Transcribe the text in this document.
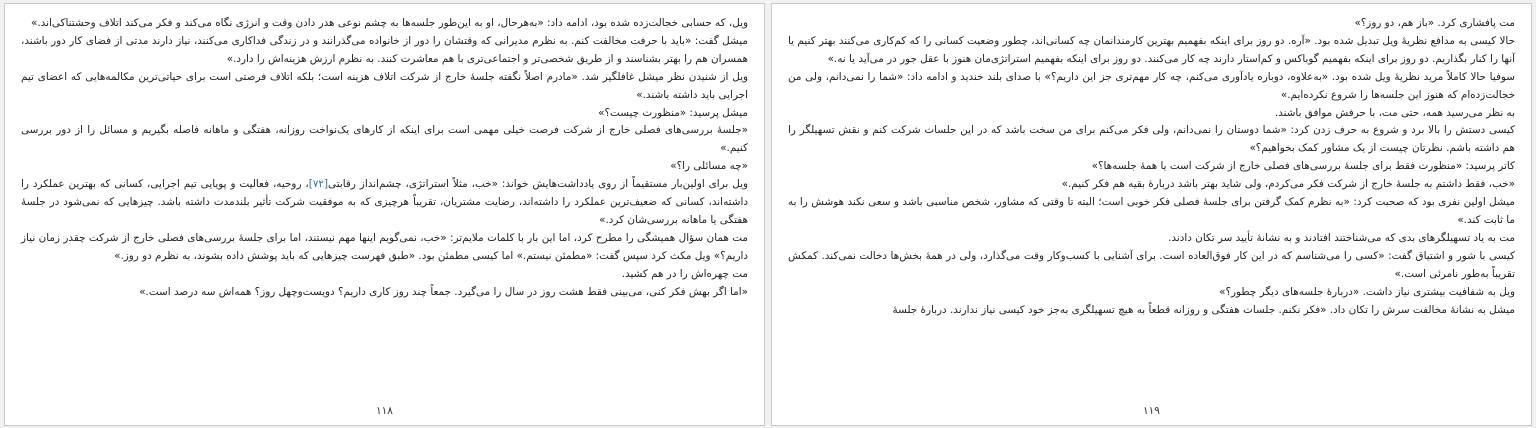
ویل، که حسابی خجالت‌زده شده بود، ادامه داد: «به‌هرحال، او به این‌طور جلسه‌ها به چشم نوعی هدر دادن وقت و انرژی نگاه می‌کند و فکر می‌کند اتلاف وحشتناکی‌اند.»

میشل گفت: «باید با حرفت مخالفت کنم. به نظرم مدیرانی که وقتشان را دور از خانواده می‌گذرانند و در زندگی فداکاری می‌کنند، نیاز دارند مدتی از فضای کار دور باشند، همسران هم را بهتر بشناسند و از طریق شخصی‌تر و اجتماعی‌تری با هم معاشرت کنند. به نظرم ارزش هزینه‌اش را دارد.»

ویل از شنیدن نظر میشل غافلگیر شد. «مادرم اصلاً نگفته جلسهٔ خارج از شرکت اتلاف هزینه است؛ بلکه اتلاف فرصتی است برای حیاتی‌ترین مکالمه‌هایی که اعضای تیم اجرایی باید داشته باشند.»

میشل پرسید: «منظورت چیست؟»

«جلسهٔ بررسی‌های فصلی خارج از شرکت فرصت خیلی مهمی است برای اینکه از کارهای یک‌نواخت روزانه، هفتگی و ماهانه فاصله بگیریم و مسائل را از دور بررسی کنیم.»

«چه مسائلی را؟»

ویل برای اولین‌بار مستقیماً از روی یادداشت‌هایش خواند: «خب، مثلاً استراتژی، چشم‌انداز رقابتی[۷۲]، روحیه، فعالیت و پویایی تیم اجرایی، کسانی که بهترین عملکرد را داشته‌اند، کسانی که ضعیف‌ترین عملکرد را داشته‌اند، رضایت مشتریان، تقریباً هرچیزی که به موفقیت شرکت تأثیر بلندمدت داشته باشد. چیزهایی که نمی‌شود در جلسهٔ هفتگی یا ماهانه بررسی‌شان کرد.»

مت همان سؤال همیشگی را مطرح کرد، اما این بار با کلمات ملایم‌تر: «خب، نمی‌گویم اینها مهم نیستند، اما برای جلسهٔ بررسی‌های فصلی خارج از شرکت چقدر زمان نیاز داریم؟» ویل مکث کرد سپس گفت: «مطمئن نیستم.» اما کیسی مطمئن بود. «طبق فهرست چیزهایی که باید پوشش داده بشوند، به نظرم دو روز.»

مت چهره‌اش را در هم کشید.

«اما اگر بهش فکر کنی، می‌بینی فقط هشت روز در سال را می‌گیرد. جمعاً چند روز کاری داریم؟ دویست‌وچهل روز؟ همه‌اش سه درصد است.»

۱۱۸

مت پافشاری کرد. «باز هم، دو روز؟»

حالا کیسی به مدافع نظریهٔ ویل تبدیل شده بود. «آره. دو روز برای اینکه بفهمیم بهترین کارمندانمان چه کسانی‌اند، چطور وضعیت کسانی را که کم‌کاری می‌کنند بهتر کنیم یا آنها را کنار بگذاریم. دو روز برای اینکه بفهمیم گوباکس و کم‌استار دارند چه کار می‌کنند. دو روز برای اینکه بفهمیم استراتژی‌مان هنوز با عقل جور در می‌آید یا نه.»

سوفیا حالا کاملاً مرید نظریهٔ ویل شده بود. «به‌علاوه، دوباره یادآوری می‌کنم، چه کار مهم‌تری جز این داریم؟» با صدای بلند خندید و ادامه داد: «شما را نمی‌دانم، ولی من خجالت‌زده‌ام که هنوز این جلسه‌ها را شروع نکرده‌ایم.»

به نظر می‌رسید همه، حتی مت، با حرفش موافق باشند.

کیسی دستش را بالا برد و شروع به حرف زدن کرد: «شما دوستان را نمی‌دانم، ولی فکر می‌کنم برای من سخت باشد که در این جلسات شرکت کنم و نقش تسهیلگر را هم داشته باشم. نظرتان چیست از یک مشاور کمک بخواهیم؟»

کاتر پرسید: «منظورت فقط برای جلسهٔ بررسی‌های فصلی خارج از شرکت است یا همهٔ جلسه‌ها؟»

«خب، فقط داشتم به جلسهٔ خارج از شرکت فکر می‌کردم، ولی شاید بهتر باشد دربارهٔ بقیه هم فکر کنیم.»

میشل اولین نفری بود که صحبت کرد: «به نظرم کمک گرفتن برای جلسهٔ فصلی فکر خوبی است؛ البته تا وقتی که مشاور، شخص مناسبی باشد و سعی نکند هوشش را به ما ثابت کند.»

مت به یاد تسهیلگرهای بدی که می‌شناختند افتادند و به نشانهٔ تأیید سر تکان دادند.

کیسی با شور و اشتیاق گفت: «کسی را می‌شناسم که در این کار فوق‌العاده است. برای آشنایی با کسب‌وکار وقت می‌گذارد، ولی در همهٔ بخش‌ها دخالت نمی‌کند. کمکش تقریباً به‌طور نامرئی است.»

ویل به شفافیت بیشتری نیاز داشت. «دربارهٔ جلسه‌های دیگر چطور؟»

میشل به نشانهٔ مخالفت سرش را تکان داد. «فکر نکنم. جلسات هفتگی و روزانه قطعاً به هیچ تسهیلگری به‌جز خود کیسی نیاز ندارند. دربارهٔ جلسهٔ

۱۱۹
